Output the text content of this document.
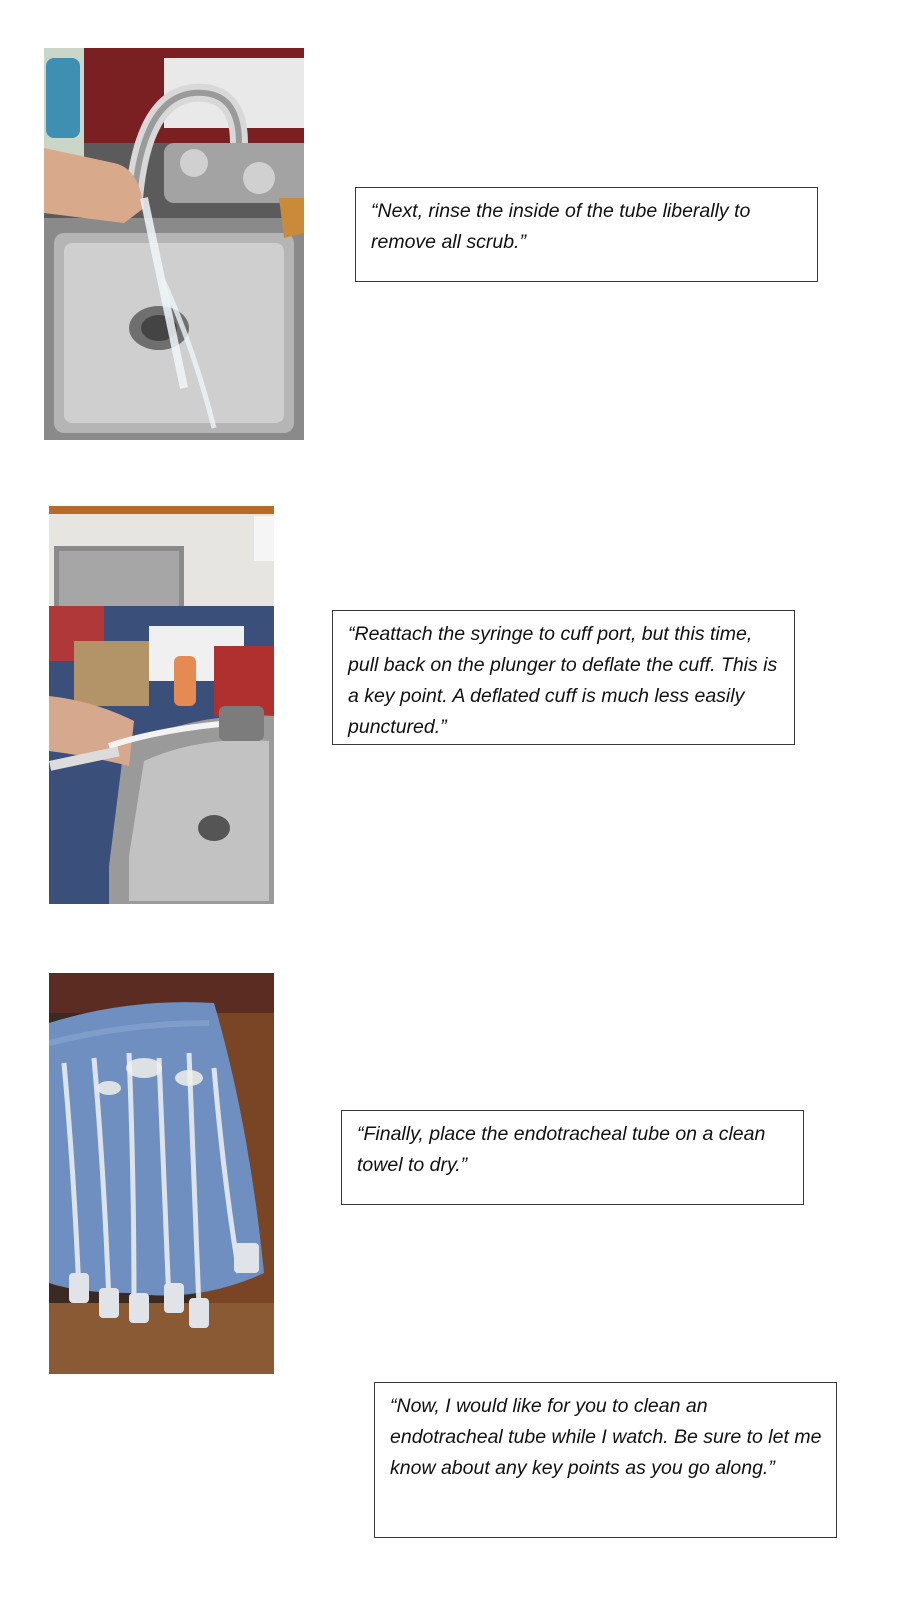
“Next, rinse the inside of the tube liberally to remove all scrub.”
“Reattach the syringe to cuff port, but this time, pull back on the plunger to deflate the cuff. This is a key point. A deflated cuff is much less easily punctured.”
“Finally, place the endotracheal tube on a clean towel to dry.”
“Now, I would like for you to clean an endotracheal tube while I watch. Be sure to let me know about any key points as you go along.”
